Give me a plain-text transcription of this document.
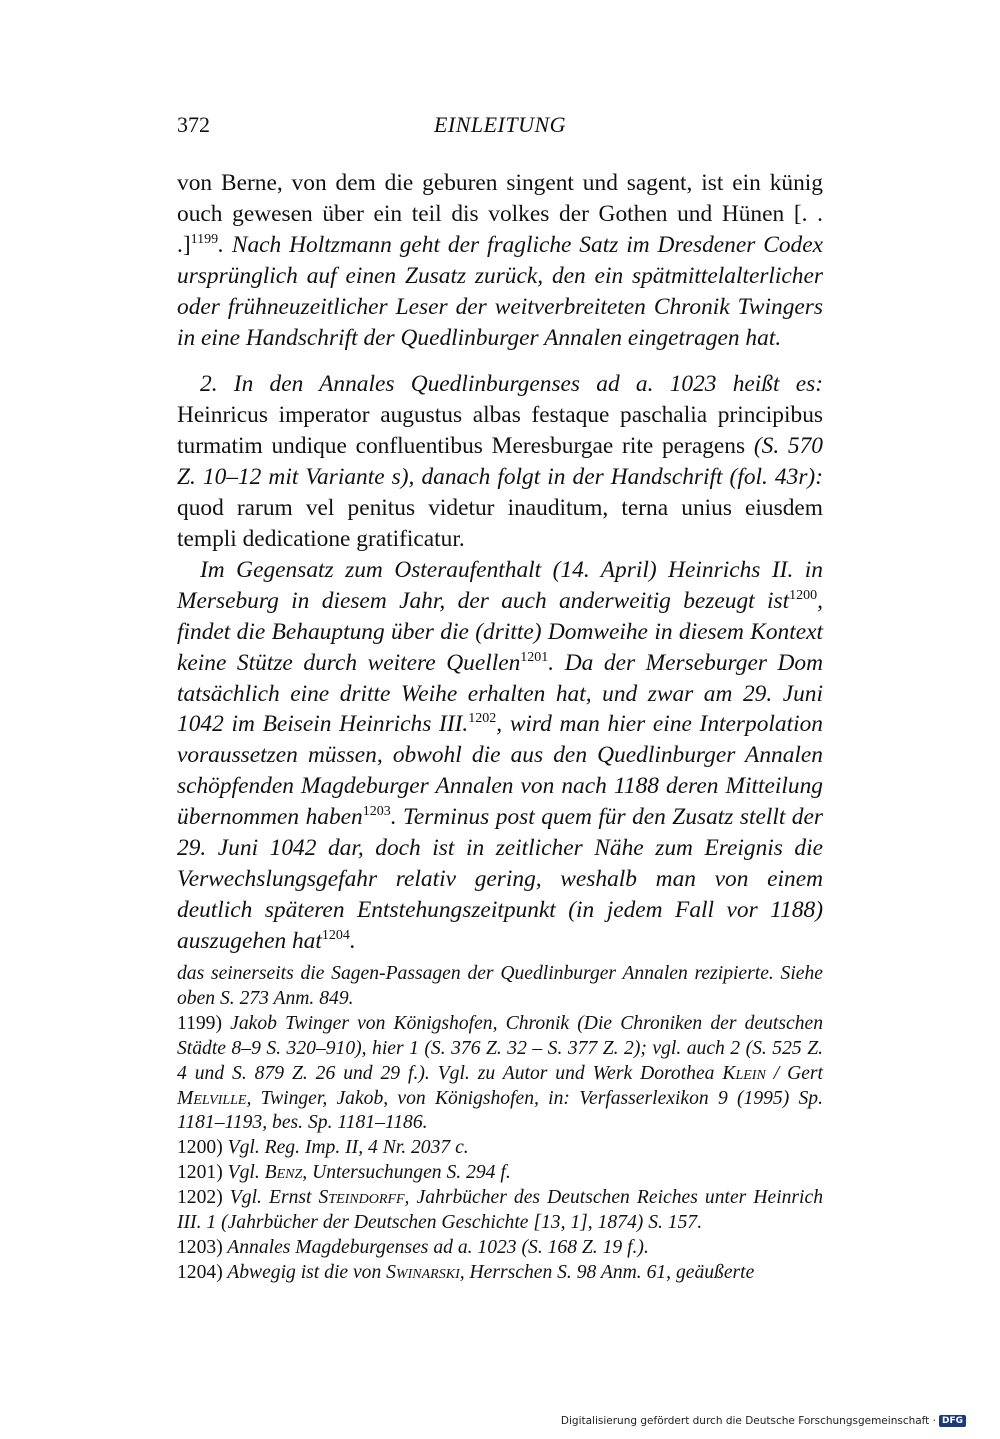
372	EINLEITUNG

von Berne, von dem die geburen singent und sagent, ist ein künig ouch gewesen über ein teil dis volkes der Gothen und Hünen [. . .]$^{1199}$. Nach Holtzmann geht der fragliche Satz im Dresdener Codex ursprünglich auf einen Zusatz zurück, den ein spätmittelalterlicher oder frühneuzeitlicher Leser der weitverbreiteten Chronik Twingers in eine Handschrift der Quedlinburger Annalen eingetragen hat.

2. In den Annales Quedlinburgenses ad a. 1023 heißt es: Heinricus imperator augustus albas festaque paschalia principibus turmatim undique confluentibus Meresburgae rite peragens (S. 570 Z. 10–12 mit Variante s), danach folgt in der Handschrift (fol. 43r): quod rarum vel penitus videtur inauditum, terna unius eiusdem templi dedicatione gratificatur.

Im Gegensatz zum Osteraufenthalt (14. April) Heinrichs II. in Merseburg in diesem Jahr, der auch anderweitig bezeugt ist$^{1200}$, findet die Behauptung über die (dritte) Domweihe in diesem Kontext keine Stütze durch weitere Quellen$^{1201}$. Da der Merseburger Dom tatsächlich eine dritte Weihe erhalten hat, und zwar am 29. Juni 1042 im Beisein Heinrichs III.$^{1202}$, wird man hier eine Interpolation voraussetzen müssen, obwohl die aus den Quedlinburger Annalen schöpfenden Magdeburger Annalen von nach 1188 deren Mitteilung übernommen haben$^{1203}$. Terminus post quem für den Zusatz stellt der 29. Juni 1042 dar, doch ist in zeitlicher Nähe zum Ereignis die Verwechslungsgefahr relativ gering, weshalb man von einem deutlich späteren Entstehungszeitpunkt (in jedem Fall vor 1188) auszugehen hat$^{1204}$.

das seinerseits die Sagen-Passagen der Quedlinburger Annalen rezipierte. Siehe oben S. 273 Anm. 849.

1199) Jakob Twinger von Königshofen, Chronik (Die Chroniken der deutschen Städte 8–9 S. 320–910), hier 1 (S. 376 Z. 32 – S. 377 Z. 2); vgl. auch 2 (S. 525 Z. 4 und S. 879 Z. 26 und 29 f.). Vgl. zu Autor und Werk Dorothea Klein / Gert Melville, Twinger, Jakob, von Königshofen, in: Verfasserlexikon 9 (1995) Sp. 1181–1193, bes. Sp. 1181–1186.

1200) Vgl. Reg. Imp. II, 4 Nr. 2037 c.

1201) Vgl. Benz, Untersuchungen S. 294 f.

1202) Vgl. Ernst Steindorff, Jahrbücher des Deutschen Reiches unter Heinrich III. 1 (Jahrbücher der Deutschen Geschichte [13, 1], 1874) S. 157.

1203) Annales Magdeburgenses ad a. 1023 (S. 168 Z. 19 f.).

1204) Abwegig ist die von Swinarski, Herrschen S. 98 Anm. 61, geäußerte

Digitalisierung gefördert durch die Deutsche Forschungsgemeinschaft · DFG
